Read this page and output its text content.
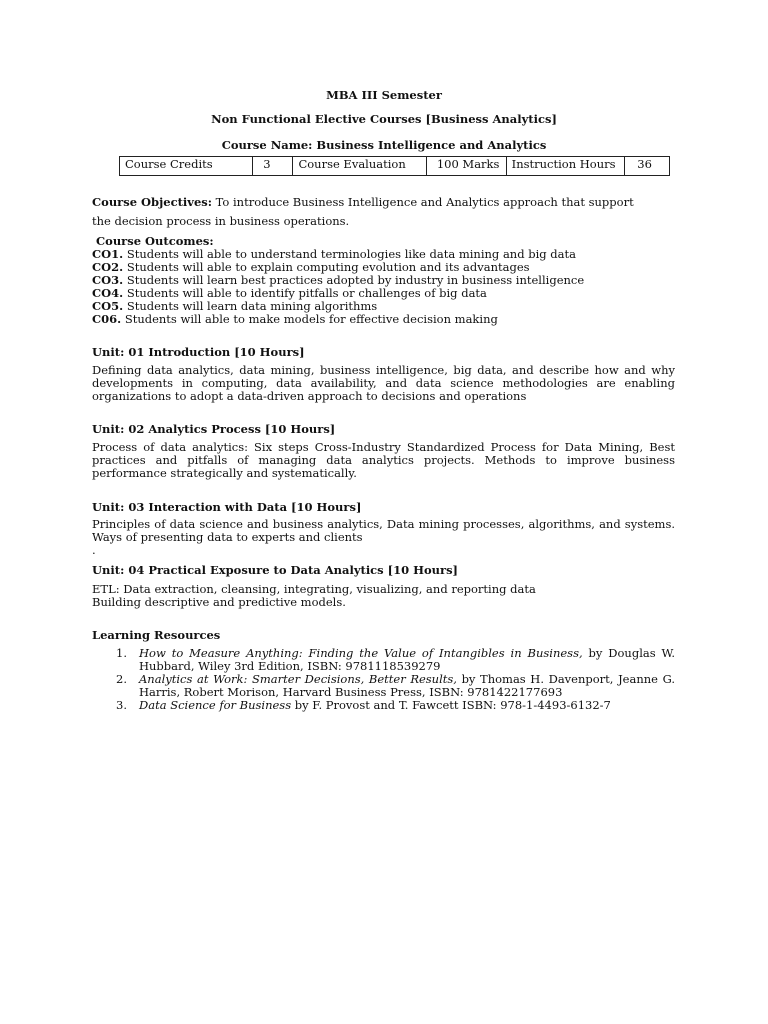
MBA III Semester
Non Functional Elective Courses [Business Analytics]
Course Name: Business Intelligence and Analytics
Course Credits	3	Course Evaluation	100 Marks	Instruction Hours	36
Course Objectives: To introduce Business Intelligence and Analytics approach that support the decision process in business operations.
Course Outcomes:
CO1. Students will able to understand terminologies like data mining and big data
CO2. Students will able to explain computing evolution and its advantages
CO3. Students will learn best practices adopted by industry in business intelligence
CO4. Students will able to identify pitfalls or challenges of big data
CO5. Students will learn data mining algorithms
C06. Students will able to make models for effective decision making
Unit: 01 Introduction [10 Hours]
Defining data analytics, data mining, business intelligence, big data, and describe how and why developments in computing, data availability, and data science methodologies are enabling organizations to adopt a data-driven approach to decisions and operations
Unit: 02 Analytics Process [10 Hours]
Process of data analytics: Six steps Cross-Industry Standardized Process for Data Mining, Best practices and pitfalls of managing data analytics projects. Methods to improve business performance strategically and systematically.
Unit: 03 Interaction with Data [10 Hours]
Principles of data science and business analytics, Data mining processes, algorithms, and systems. Ways of presenting data to experts and clients
.
Unit: 04 Practical Exposure to Data Analytics [10 Hours]
ETL: Data extraction, cleansing, integrating, visualizing, and reporting data
Building descriptive and predictive models.
Learning Resources
1. How to Measure Anything: Finding the Value of Intangibles in Business, by Douglas W. Hubbard, Wiley 3rd Edition, ISBN: 9781118539279
2. Analytics at Work: Smarter Decisions, Better Results, by Thomas H. Davenport, Jeanne G. Harris, Robert Morison, Harvard Business Press, ISBN: 9781422177693
3. Data Science for Business by F. Provost and T. Fawcett ISBN: 978-1-4493-6132-7
